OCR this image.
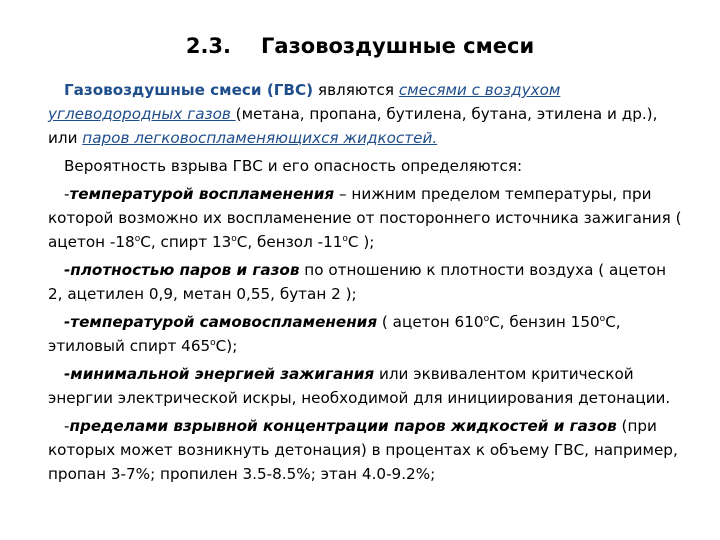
2.3. Газовоздушные смеси

Газовоздушные смеси (ГВС) являются смесями с воздухом углеводородных газов (метана, пропана, бутилена, бутана, этилена и др.), или паров легковоспламеняющихся жидкостей.

Вероятность взрыва ГВС и его опасность определяются:

-температурой воспламенения – нижним пределом температуры, при которой возможно их воспламенение от постороннего источника зажигания ( ацетон $-18^оС$, спирт $13^оС$, бензол $-11^оС$ );

-плотностью паров и газов по отношению к плотности воздуха ( ацетон 2, ацетилен 0,9, метан 0,55, бутан 2 );

-температурой самовоспламенения ( ацетон $610^оС$, бензин $150^оС$, этиловый спирт $465^оС$);

-минимальной энергией зажигания или эквивалентом критической энергии электрической искры, необходимой для инициирования детонации.

-пределами взрывной концентрации паров жидкостей и газов (при которых может возникнуть детонация) в процентах к объему ГВС, например, пропан 3-7%; пропилен 3.5-8.5%; этан 4.0-9.2%;
